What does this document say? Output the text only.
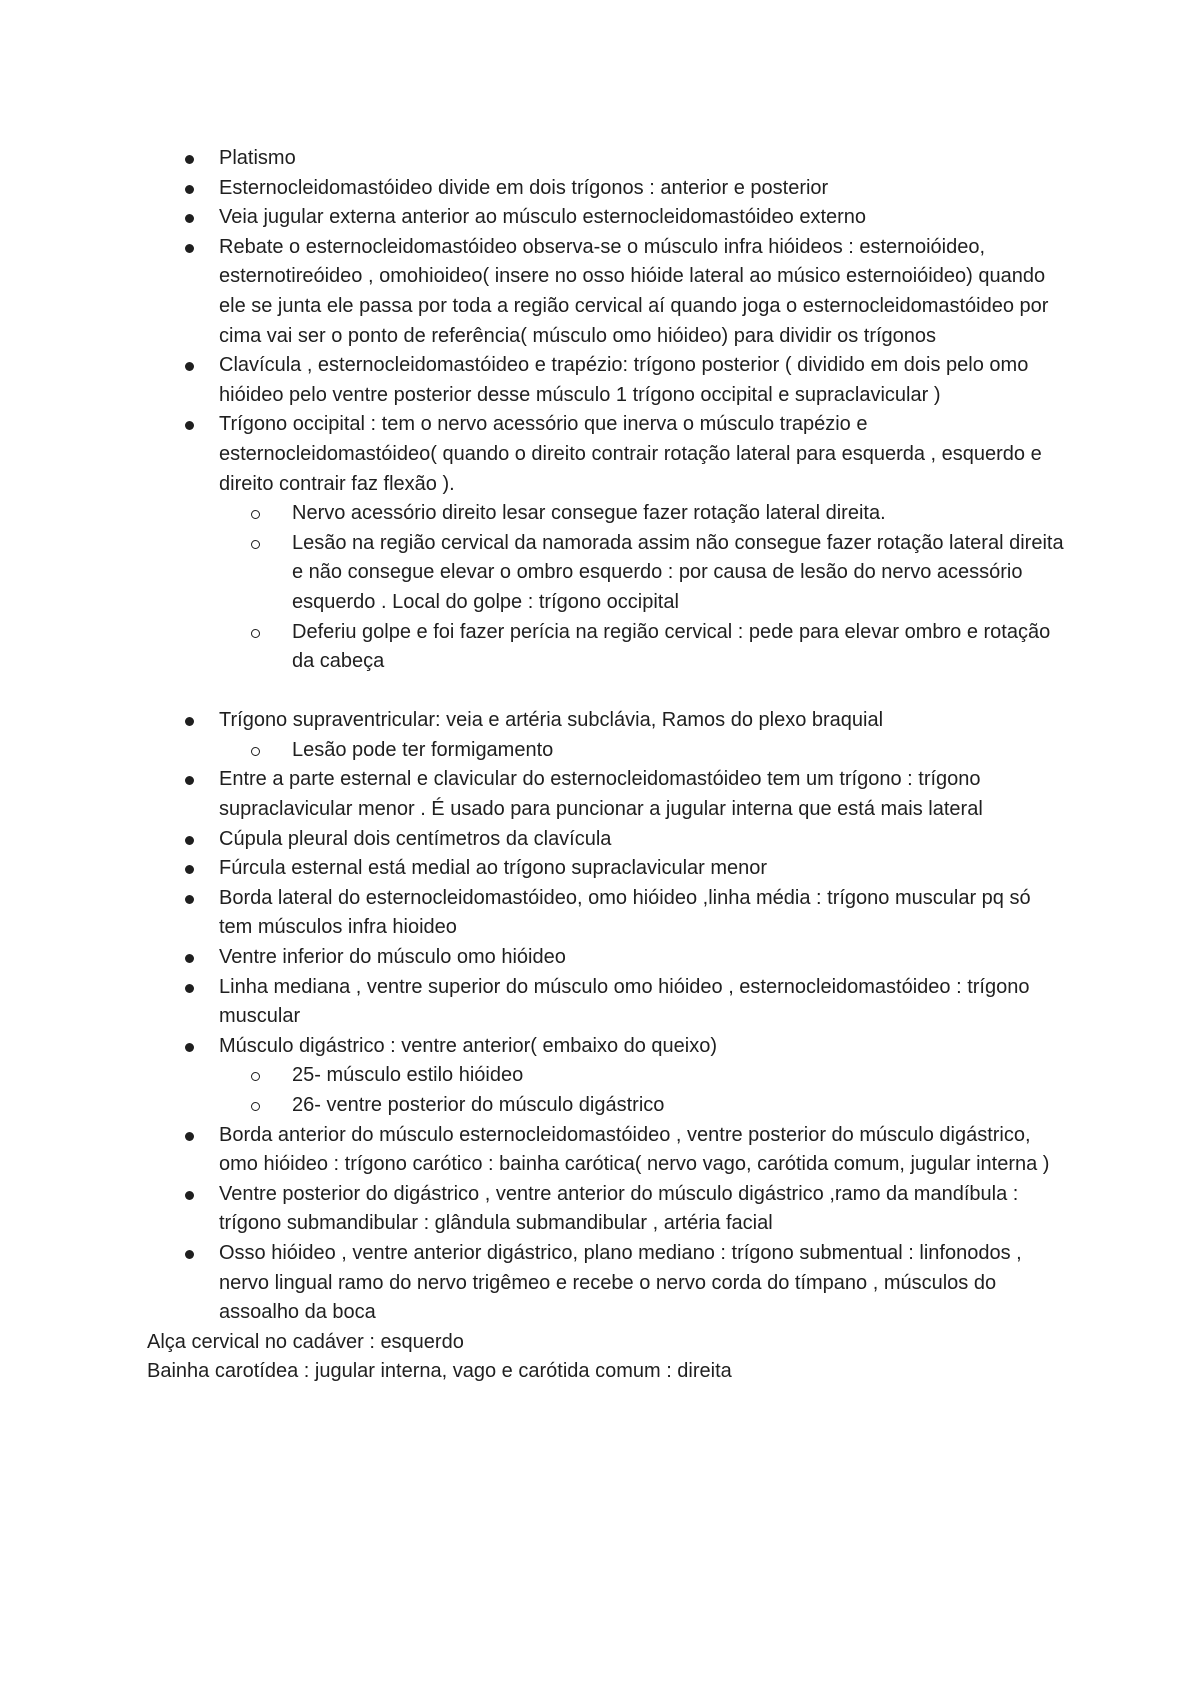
Platismo
Esternocleidomastóideo divide em dois trígonos : anterior e posterior
Veia jugular externa anterior ao músculo esternocleidomastóideo externo
Rebate o esternocleidomastóideo observa-se o músculo infra hióideos : esternoióideo, esternotireóideo , omohioideo( insere no osso hióide lateral ao músico esternoióideo) quando ele se junta ele passa por toda a região cervical aí quando joga o esternocleidomastóideo por cima vai ser o ponto de referência( músculo omo hióideo) para dividir os trígonos
Clavícula , esternocleidomastóideo e trapézio: trígono posterior ( dividido em dois pelo omo hióideo pelo ventre posterior desse músculo 1 trígono occipital e supraclavicular )
Trígono occipital : tem o nervo acessório que inerva o músculo trapézio e esternocleidomastóideo( quando o direito contrair rotação lateral para esquerda , esquerdo e direito contrair faz flexão ).
Nervo acessório direito lesar consegue fazer rotação lateral direita.
Lesão na região cervical da namorada assim não consegue fazer rotação lateral direita e não consegue elevar o ombro esquerdo : por causa de lesão do nervo acessório esquerdo . Local do golpe : trígono occipital
Deferiu golpe e foi fazer perícia na região cervical : pede para elevar ombro e rotação da cabeça
Trígono supraventricular: veia e artéria subclávia, Ramos do plexo braquial
Lesão pode ter formigamento
Entre a parte esternal e clavicular do esternocleidomastóideo tem um trígono : trígono supraclavicular menor . É usado para puncionar a jugular interna que está mais lateral
Cúpula pleural dois centímetros da clavícula
Fúrcula esternal está medial ao trígono supraclavicular menor
Borda lateral do esternocleidomastóideo, omo hióideo ,linha média : trígono muscular pq só tem músculos infra hioideo
Ventre inferior do músculo omo hióideo
Linha mediana , ventre superior do músculo omo hióideo , esternocleidomastóideo : trígono muscular
Músculo digástrico : ventre anterior( embaixo do queixo)
25- músculo estilo hióideo
26- ventre posterior do músculo digástrico
Borda anterior do músculo esternocleidomastóideo , ventre posterior do músculo digástrico, omo hióideo : trígono carótico : bainha carótica( nervo vago, carótida comum, jugular interna )
Ventre posterior do digástrico , ventre anterior do músculo digástrico ,ramo da mandíbula : trígono submandibular : glândula submandibular , artéria facial
Osso hióideo , ventre anterior digástrico, plano mediano : trígono submentual : linfonodos , nervo lingual ramo do nervo trigêmeo e recebe o nervo corda do tímpano , músculos do assoalho da boca

Alça cervical no cadáver : esquerdo

Bainha carotídea : jugular interna, vago e carótida comum : direita
